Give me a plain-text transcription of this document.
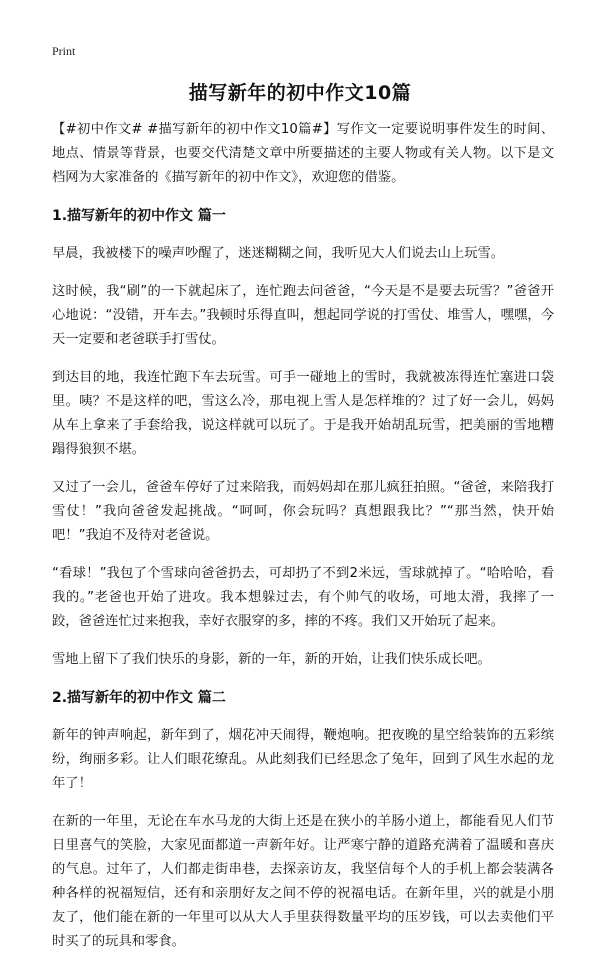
Print
描写新年的初中作文10篇

【#初中作文# #描写新年的初中作文10篇#】写作文一定要说明事件发生的时间、地点、情景等背景，也要交代清楚文章中所要描述的主要人物或有关人物。以下是文档网为大家准备的《描写新年的初中作文》，欢迎您的借鉴。

1.描写新年的初中作文 篇一

早晨，我被楼下的噪声吵醒了，迷迷糊糊之间，我听见大人们说去山上玩雪。

这时候，我“刷”的一下就起床了，连忙跑去问爸爸，“今天是不是要去玩雪？”爸爸开心地说：“没错，开车去。”我顿时乐得直叫，想起同学说的打雪仗、堆雪人，嘿嘿，今天一定要和老爸联手打雪仗。

到达目的地，我连忙跑下车去玩雪。可手一碰地上的雪时，我就被冻得连忙塞进口袋里。咦？不是这样的吧，雪这么冷，那电视上雪人是怎样堆的？过了好一会儿，妈妈从车上拿来了手套给我，说这样就可以玩了。于是我开始胡乱玩雪，把美丽的雪地糟蹋得狼狈不堪。

又过了一会儿，爸爸车停好了过来陪我，而妈妈却在那儿疯狂拍照。“爸爸，来陪我打雪仗！”我向爸爸发起挑战。“呵呵，你会玩吗？真想跟我比？”“那当然，快开始吧！”我迫不及待对老爸说。

“看球！”我包了个雪球向爸爸扔去，可却扔了不到2米远，雪球就掉了。“哈哈哈，看我的。”老爸也开始了进攻。我本想躲过去，有个帅气的收场，可地太滑，我摔了一跤，爸爸连忙过来抱我，幸好衣服穿的多，摔的不疼。我们又开始玩了起来。

雪地上留下了我们快乐的身影，新的一年，新的开始，让我们快乐成长吧。

2.描写新年的初中作文 篇二

新年的钟声响起，新年到了，烟花冲天闹得，鞭炮响。把夜晚的星空给装饰的五彩缤纷，绚丽多彩。让人们眼花缭乱。从此刻我们已经思念了兔年，回到了风生水起的龙年了！

在新的一年里，无论在车水马龙的大街上还是在狭小的羊肠小道上，都能看见人们节日里喜气的笑脸，大家见面都道一声新年好。让严寒宁静的道路充满着了温暖和喜庆的气息。过年了，人们都走街串巷，去探亲访友，我坚信每个人的手机上都会装满各种各样的祝福短信，还有和亲朋好友之间不停的祝福电话。在新年里，兴的就是小朋友了，他们能在新的一年里可以从大人手里获得数量平均的压岁钱，可以去卖他们平时买了的玩具和零食。
